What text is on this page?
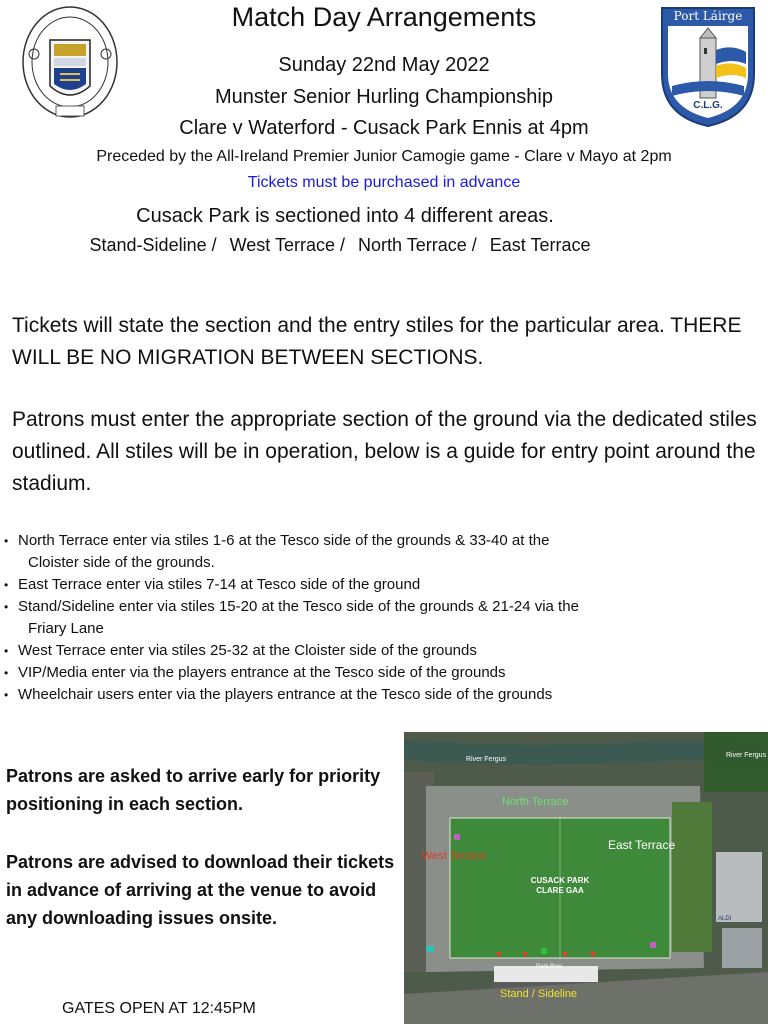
Port Láirge
C.L.G.
Match Day Arrangements
Sunday 22nd May 2022
Munster Senior Hurling Championship
Clare v Waterford - Cusack Park Ennis at 4pm
Preceded by the All-Ireland Premier Junior Camogie game - Clare v Mayo at 2pm
Tickets must be purchased in advance
Cusack Park is sectioned into 4 different areas.
Stand-Sideline / West Terrace / North Terrace / East Terrace
Tickets will state the section and the entry stiles for the particular area. THERE WILL BE NO MIGRATION BETWEEN SECTIONS.
Patrons must enter the appropriate section of the ground via the dedicated stiles outlined. All stiles will be in operation, below is a guide for entry point around the stadium.
• North Terrace enter via stiles 1-6 at the Tesco side of the grounds & 33-40 at the
Cloister side of the grounds.
• East Terrace enter via stiles 7-14 at Tesco side of the ground
• Stand/Sideline enter via stiles 15-20 at the Tesco side of the grounds & 21-24 via the
Friary Lane
• West Terrace enter via stiles 25-32 at the Cloister side of the grounds
• VIP/Media enter via the players entrance at the Tesco side of the grounds
• Wheelchair users enter via the players entrance at the Tesco side of the grounds
Patrons are asked to arrive early for priority positioning in each section.
Patrons are advised to download their tickets in advance of arriving at the venue to avoid any downloading issues onsite.
GATES OPEN AT 12:45PM
River Fergus
River Fergus
North Terrace
West Terrace
East Terrace
CUSACK PARK
CLARE GAA
Stand / Sideline
Park Row
ALDI
